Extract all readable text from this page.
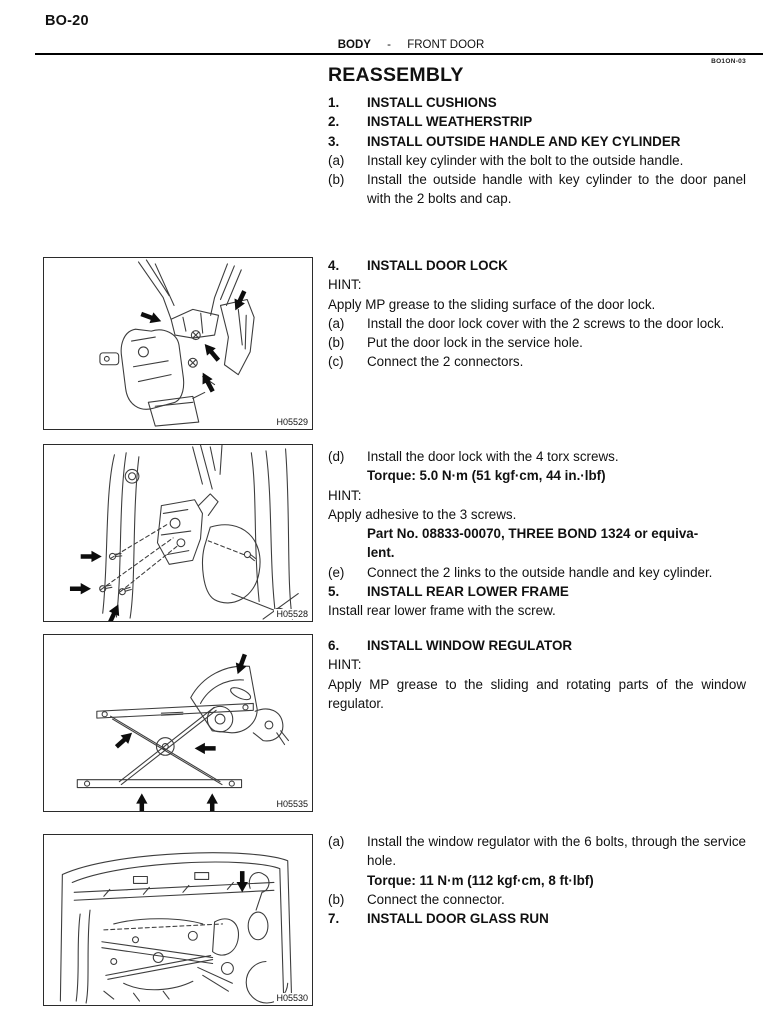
BO-20
BODY - FRONT DOOR
BO1ON-03
H05529
H05528
H05535
H05530
REASSEMBLY
1.	INSTALL CUSHIONS
2.	INSTALL WEATHERSTRIP
3.	INSTALL OUTSIDE HANDLE AND KEY CYLINDER
(a)	Install key cylinder with the bolt to the outside handle.
(b)	Install the outside handle with key cylinder to the door panel with the 2 bolts and cap.
4.	INSTALL DOOR LOCK
HINT:
Apply MP grease to the sliding surface of the door lock.
(a)	Install the door lock cover with the 2 screws to the door lock.
(b)	Put the door lock in the service hole.
(c)	Connect the 2 connectors.
(d)	Install the door lock with the 4 torx screws.
Torque: 5.0 N·m (51 kgf·cm, 44 in.·lbf)
HINT:
Apply adhesive to the 3 screws.
Part No. 08833-00070, THREE BOND 1324 or equiva-
lent.
(e)	Connect the 2 links to the outside handle and key cylinder.
5.	INSTALL REAR LOWER FRAME
Install rear lower frame with the screw.
6.	INSTALL WINDOW REGULATOR
HINT:
Apply MP grease to the sliding and rotating parts of the window regulator.
(a)	Install the window regulator with the 6 bolts, through the service hole.
Torque: 11 N·m (112 kgf·cm, 8 ft·lbf)
(b)	Connect the connector.
7.	INSTALL DOOR GLASS RUN
